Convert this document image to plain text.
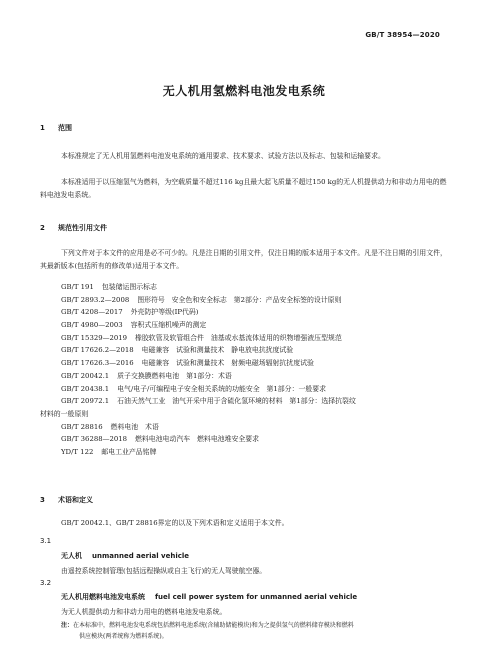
GB/T 38954—2020
无人机用氢燃料电池发电系统
1 范围
本标准规定了无人机用氢燃料电池发电系统的通用要求、技术要求、试验方法以及标志、包装和运输要求。
本标准适用于以压缩氢气为燃料，为空载质量不超过116 kg且最大起飞质量不超过150 kg的无人机提供动力和非动力用电的燃料电池发电系统。
2 规范性引用文件
下列文件对于本文件的应用是必不可少的。凡是注日期的引用文件，仅注日期的版本适用于本文件。凡是不注日期的引用文件，其最新版本(包括所有的修改单)适用于本文件。
GB/T 191 包装储运图示标志
GB/T 2893.2—2008 图形符号　安全色和安全标志　第2部分：产品安全标签的设计原则
GB/T 4208—2017 外壳防护等级(IP代码)
GB/T 4980—2003 容积式压缩机噪声的测定
GB/T 15329—2019 橡胶软管及软管组合件　油基或水基流体适用的织物增强液压型规范
GB/T 17626.2—2018 电磁兼容　试验和测量技术　静电放电抗扰度试验
GB/T 17626.3—2016 电磁兼容　试验和测量技术　射频电磁场辐射抗扰度试验
GB/T 20042.1 质子交换膜燃料电池　第1部分：术语
GB/T 20438.1 电气/电子/可编程电子安全相关系统的功能安全　第1部分：一般要求
GB/T 20972.1 石油天然气工业　油气开采中用于含硫化氢环境的材料　第1部分：选择抗裂纹
材料的一般原则
GB/T 28816 燃料电池　术语
GB/T 36288—2018 燃料电池电动汽车　燃料电池堆安全要求
YD/T 122 邮电工业产品铭牌
3 术语和定义
GB/T 20042.1、GB/T 28816界定的以及下列术语和定义适用于本文件。
3.1
无人机 unmanned aerial vehicle
由遥控系统控制管理(包括远程操纵或自主飞行)的无人驾驶航空器。
3.2
无人机用燃料电池发电系统 fuel cell power system for unmanned aerial vehicle
为无人机提供动力和非动力用电的燃料电池发电系统。
注：在本标准中，燃料电池发电系统包括燃料电池系统(含辅助储能模块)和为之提供氢气的燃料储存模块和燃料
供应模块(两者统称为燃料系统)。
